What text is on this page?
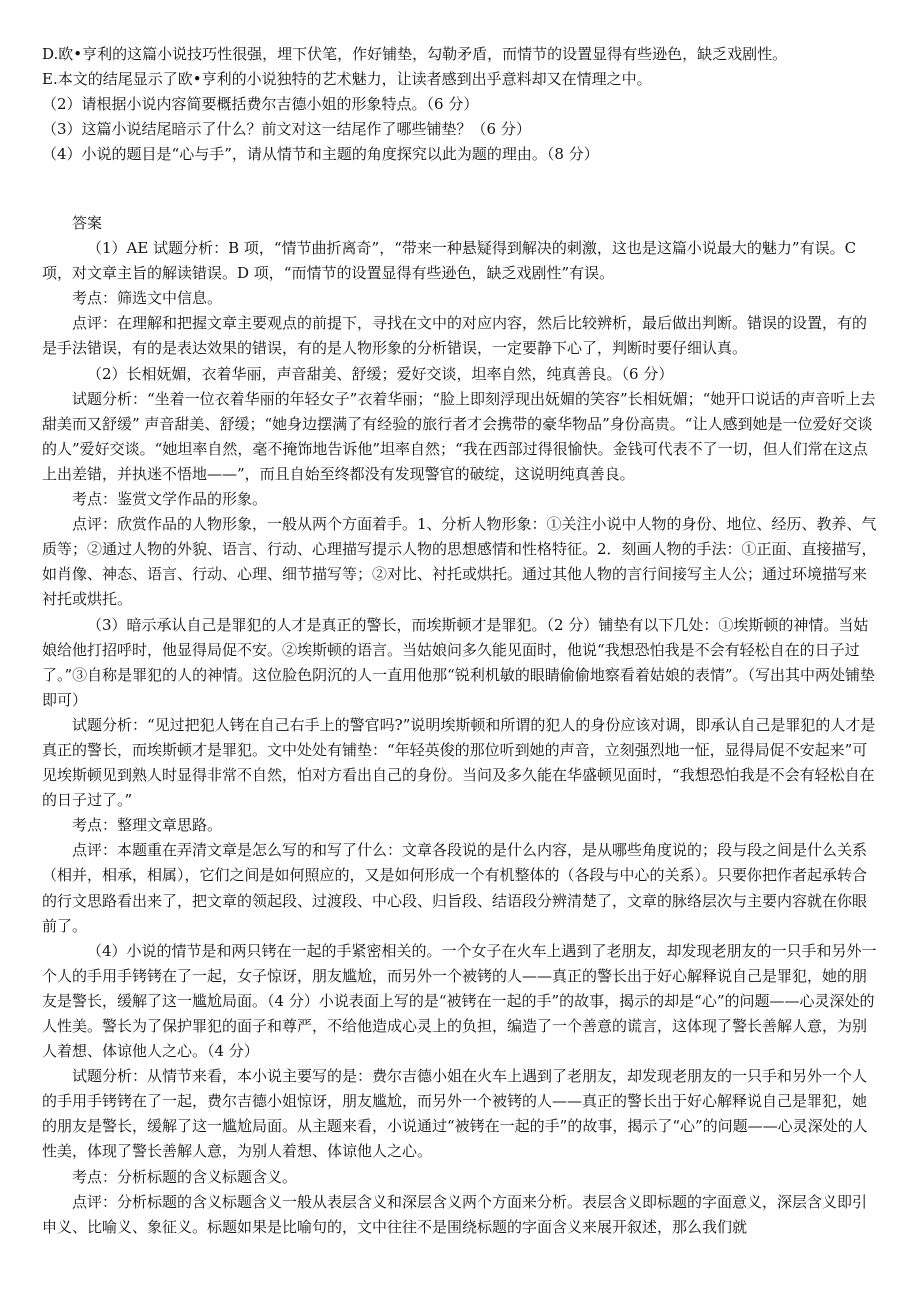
D.欧•亨利的这篇小说技巧性很强，埋下伏笔，作好铺垫，勾勒矛盾，而情节的设置显得有些逊色，缺乏戏剧性。

E.本文的结尾显示了欧•亨利的小说独特的艺术魅力，让读者感到出乎意料却又在情理之中。

（2）请根据小说内容简要概括费尔吉德小姐的形象特点。（6 分）

（3）这篇小说结尾暗示了什么？前文对这一结尾作了哪些铺垫？（6 分）

（4）小说的题目是“心与手”，请从情节和主题的角度探究以此为题的理由。（8 分）

答案

（1）AE 试题分析：B 项，“情节曲折离奇”，“带来一种悬疑得到解决的刺激，这也是这篇小说最大的魅力”有误。C 项，对文章主旨的解读错误。D 项，“而情节的设置显得有些逊色，缺乏戏剧性”有误。

考点：筛选文中信息。

点评：在理解和把握文章主要观点的前提下，寻找在文中的对应内容，然后比较辨析，最后做出判断。错误的设置，有的是手法错误，有的是表达效果的错误，有的是人物形象的分析错误，一定要静下心了，判断时要仔细认真。

（2）长相妩媚，衣着华丽，声音甜美、舒缓；爱好交谈，坦率自然，纯真善良。（6 分）

试题分析：“坐着一位衣着华丽的年轻女子”衣着华丽；“脸上即刻浮现出妩媚的笑容”长相妩媚；“她开口说话的声音听上去甜美而又舒缓” 声音甜美、舒缓；“她身边摆满了有经验的旅行者才会携带的豪华物品”身份高贵。“让人感到她是一位爱好交谈的人”爱好交谈。“她坦率自然，毫不掩饰地告诉他”坦率自然；“我在西部过得很愉快。金钱可代表不了一切，但人们常在这点上出差错，并执迷不悟地——”，而且自始至终都没有发现警官的破绽，这说明纯真善良。

考点：鉴赏文学作品的形象。

点评：欣赏作品的人物形象，一般从两个方面着手。1、分析人物形象：①关注小说中人物的身份、地位、经历、教养、气质等；②通过人物的外貌、语言、行动、心理描写提示人物的思想感情和性格特征。2．刻画人物的手法：①正面、直接描写，如肖像、神态、语言、行动、心理、细节描写等；②对比、衬托或烘托。通过其他人物的言行间接写主人公；通过环境描写来衬托或烘托。

（3）暗示承认自己是罪犯的人才是真正的警长，而埃斯顿才是罪犯。（2 分）铺垫有以下几处：①埃斯顿的神情。当姑娘给他打招呼时，他显得局促不安。②埃斯顿的语言。当姑娘问多久能见面时，他说“我想恐怕我是不会有轻松自在的日子过了。”③自称是罪犯的人的神情。这位脸色阴沉的人一直用他那“锐利机敏的眼睛偷偷地察看着姑娘的表情”。（写出其中两处铺垫即可）

试题分析：“见过把犯人铐在自己右手上的警官吗?”说明埃斯顿和所谓的犯人的身份应该对调，即承认自己是罪犯的人才是真正的警长，而埃斯顿才是罪犯。文中处处有铺垫：“年轻英俊的那位听到她的声音，立刻强烈地一怔，显得局促不安起来”可见埃斯顿见到熟人时显得非常不自然，怕对方看出自己的身份。当问及多久能在华盛顿见面时，“我想恐怕我是不会有轻松自在的日子过了。”

考点：整理文章思路。

点评：本题重在弄清文章是怎么写的和写了什么：文章各段说的是什么内容，是从哪些角度说的；段与段之间是什么关系（相并，相承，相属），它们之间是如何照应的，又是如何形成一个有机整体的（各段与中心的关系）。只要你把作者起承转合的行文思路看出来了，把文章的领起段、过渡段、中心段、归旨段、结语段分辨清楚了，文章的脉络层次与主要内容就在你眼前了。

（4）小说的情节是和两只铐在一起的手紧密相关的。一个女子在火车上遇到了老朋友，却发现老朋友的一只手和另外一个人的手用手铐铐在了一起，女子惊讶，朋友尴尬，而另外一个被铐的人——真正的警长出于好心解释说自己是罪犯，她的朋友是警长，缓解了这一尴尬局面。（4 分）小说表面上写的是“被铐在一起的手”的故事，揭示的却是“心”的问题——心灵深处的人性美。警长为了保护罪犯的面子和尊严，不给他造成心灵上的负担，编造了一个善意的谎言，这体现了警长善解人意，为别人着想、体谅他人之心。（4 分）

试题分析：从情节来看，本小说主要写的是：费尔吉德小姐在火车上遇到了老朋友，却发现老朋友的一只手和另外一个人的手用手铐铐在了一起，费尔吉德小姐惊讶，朋友尴尬，而另外一个被铐的人——真正的警长出于好心解释说自己是罪犯，她的朋友是警长，缓解了这一尴尬局面。从主题来看，小说通过“被铐在一起的手”的故事，揭示了“心”的问题——心灵深处的人性美，体现了警长善解人意，为别人着想、体谅他人之心。

考点：分析标题的含义标题含义。

点评：分析标题的含义标题含义一般从表层含义和深层含义两个方面来分析。表层含义即标题的字面意义，深层含义即引申义、比喻义、象征义。标题如果是比喻句的，文中往往不是围绕标题的字面含义来展开叙述，那么我们就
